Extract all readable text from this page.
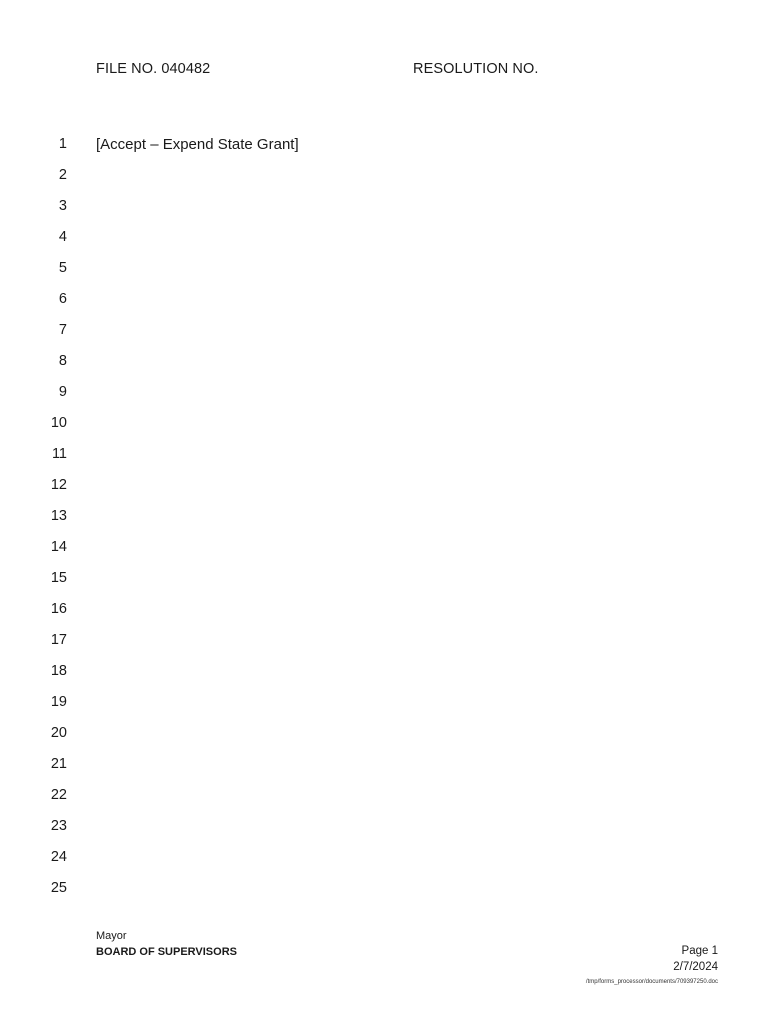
FILE NO. 040482	RESOLUTION NO.
1
2
3
4
5
6
7
8
9
10
11
12
13
14
15
16
17
18
19
20
21
22
23
24
25
[Accept – Expend State Grant]
Mayor
BOARD OF SUPERVISORS	Page 1
2/7/2024
/tmp/forms_processor/documents/709397250.doc
